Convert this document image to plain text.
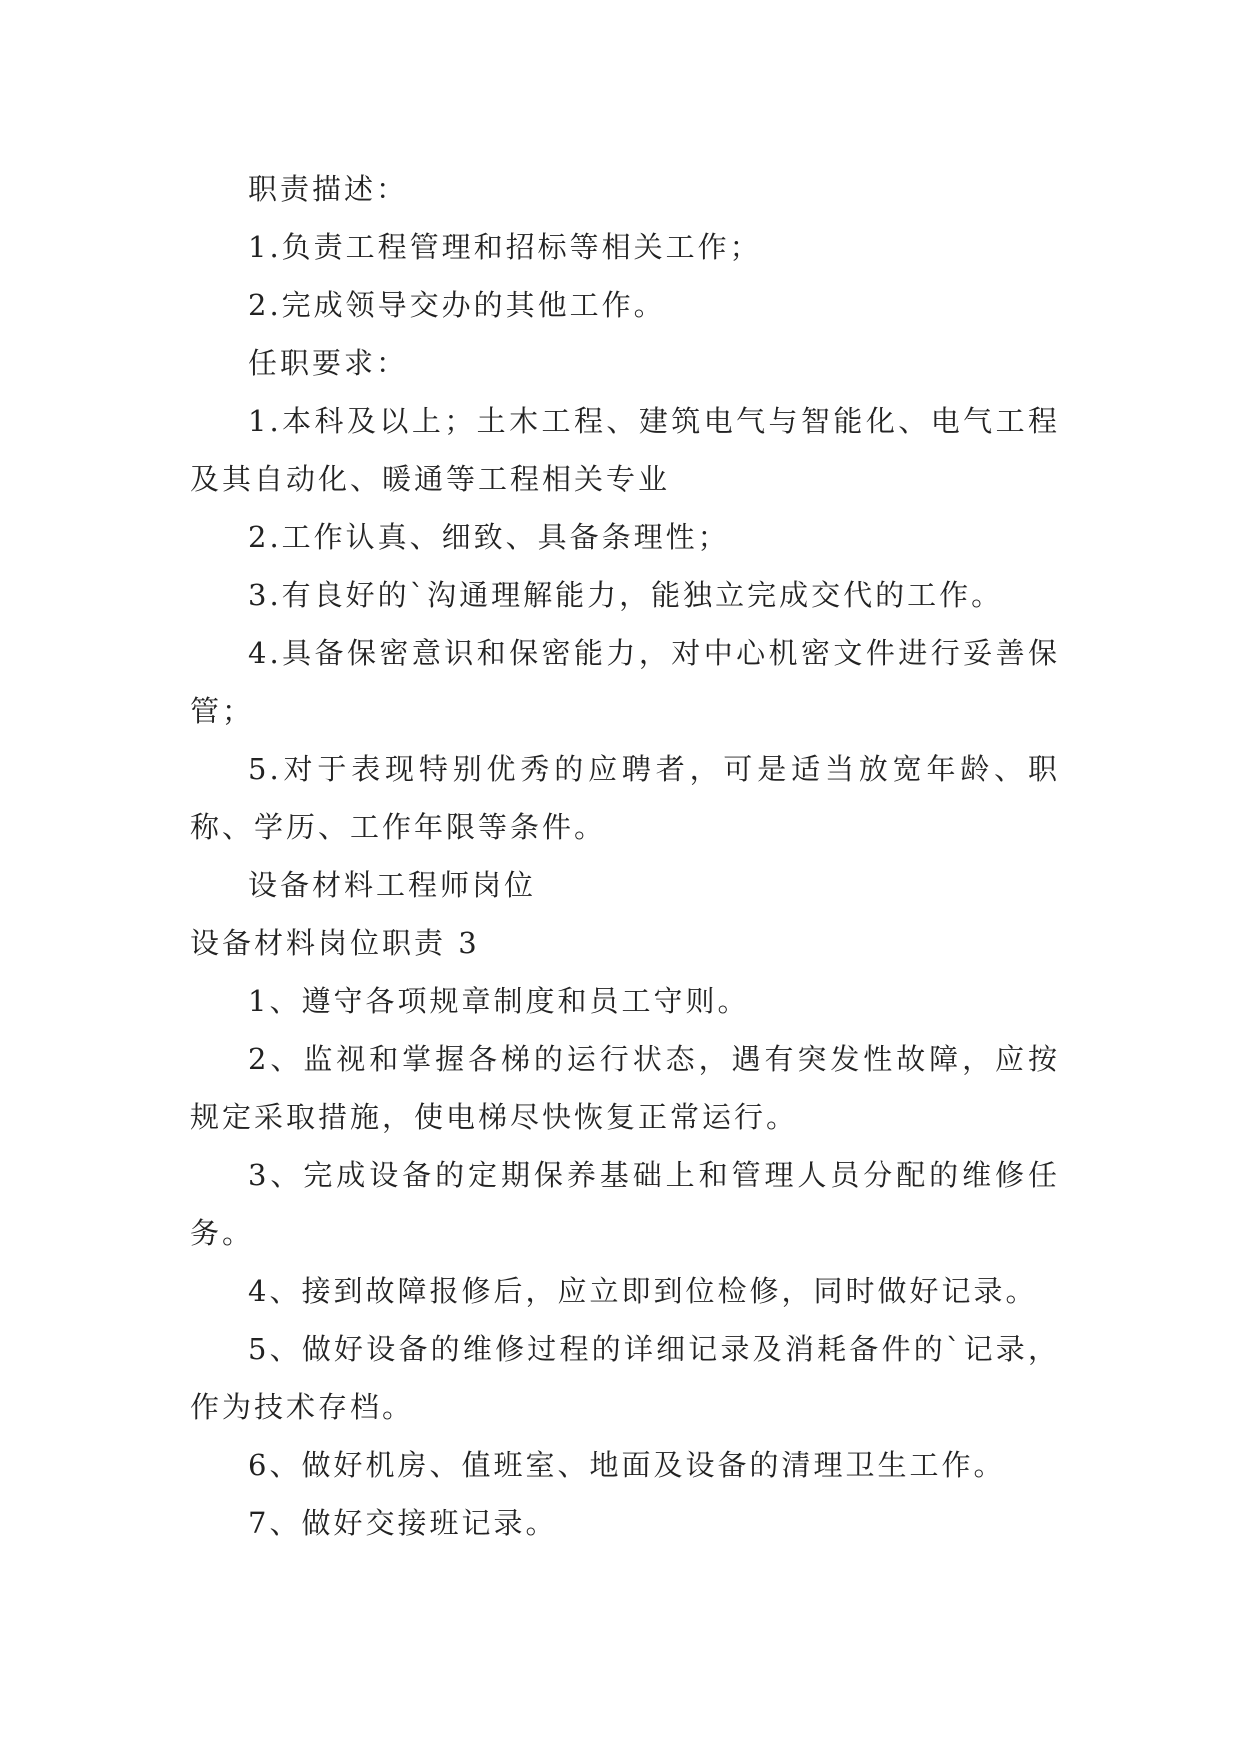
职责描述：

1.负责工程管理和招标等相关工作；

2.完成领导交办的其他工作。

任职要求：

1.本科及以上；土木工程、建筑电气与智能化、电气工程及其自动化、暖通等工程相关专业

2.工作认真、细致、具备条理性；

3.有良好的`沟通理解能力，能独立完成交代的工作。

4.具备保密意识和保密能力，对中心机密文件进行妥善保管；

5.对于表现特别优秀的应聘者，可是适当放宽年龄、职称、学历、工作年限等条件。

设备材料工程师岗位

设备材料岗位职责 3

1、遵守各项规章制度和员工守则。

2、监视和掌握各梯的运行状态，遇有突发性故障，应按规定采取措施，使电梯尽快恢复正常运行。

3、完成设备的定期保养基础上和管理人员分配的维修任务。

4、接到故障报修后，应立即到位检修，同时做好记录。

5、做好设备的维修过程的详细记录及消耗备件的`记录，作为技术存档。

6、做好机房、值班室、地面及设备的清理卫生工作。

7、做好交接班记录。
